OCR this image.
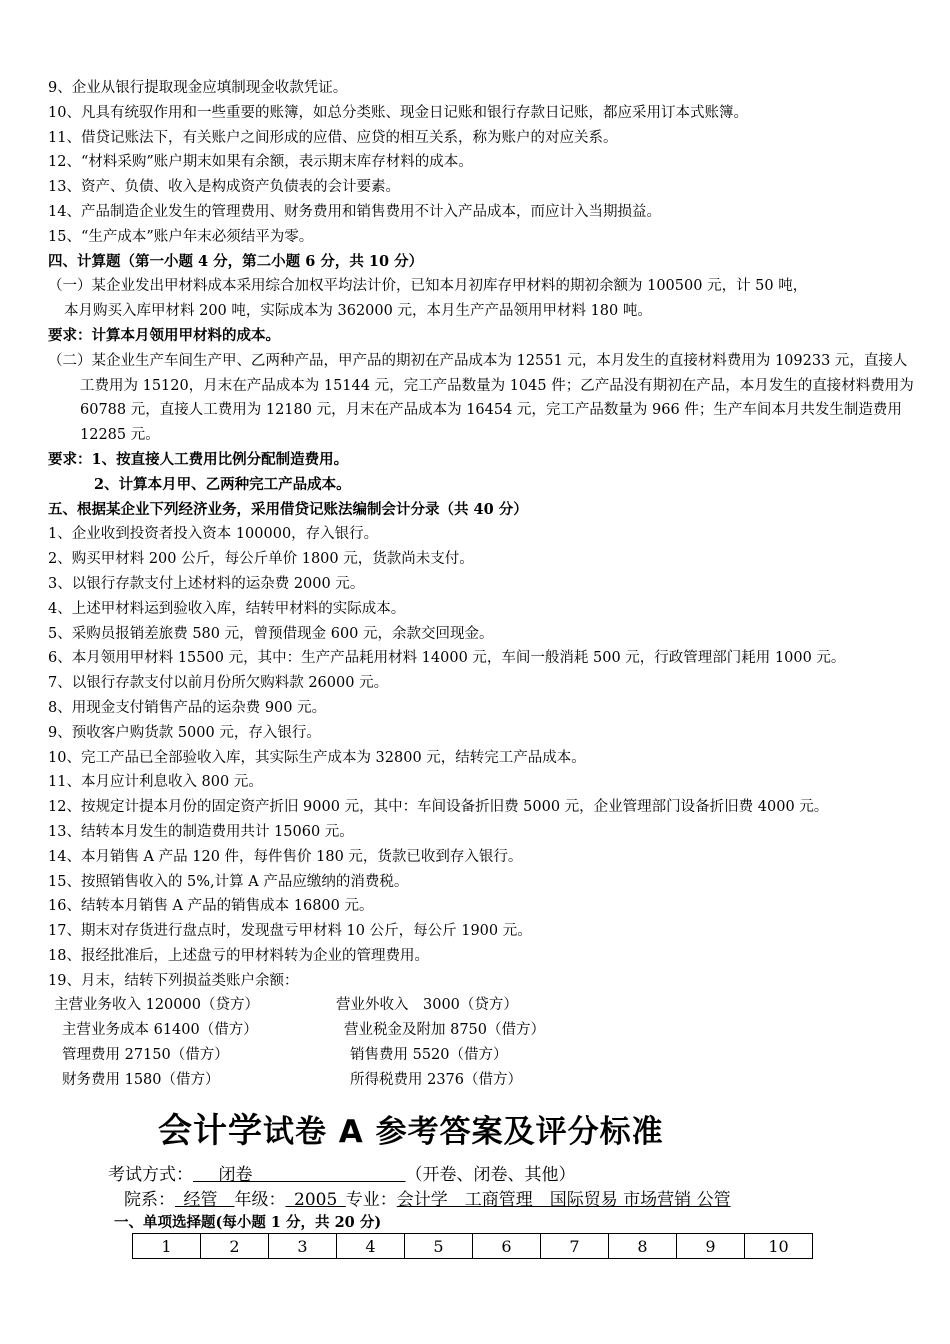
9、企业从银行提取现金应填制现金收款凭证。
10、凡具有统驭作用和一些重要的账簿，如总分类账、现金日记账和银行存款日记账，都应采用订本式账簿。
11、借贷记账法下，有关账户之间形成的应借、应贷的相互关系，称为账户的对应关系。
12、“材料采购”账户期末如果有余额，表示期末库存材料的成本。
13、资产、负债、收入是构成资产负债表的会计要素。
14、产品制造企业发生的管理费用、财务费用和销售费用不计入产品成本，而应计入当期损益。
15、“生产成本”账户年末必须结平为零。
四、计算题（第一小题 4 分，第二小题 6 分，共 10 分）
（一）某企业发出甲材料成本采用综合加权平均法计价，已知本月初库存甲材料的期初余额为 100500 元，计 50 吨，
本月购买入库甲材料 200 吨，实际成本为 362000 元，本月生产产品领用甲材料 180 吨。
要求：计算本月领用甲材料的成本。
（二）某企业生产车间生产甲、乙两种产品，甲产品的期初在产品成本为 12551 元，本月发生的直接材料费用为 109233 元，直接人工费用为 15120，月末在产品成本为 15144 元，完工产品数量为 1045 件；乙产品没有期初在产品，本月发生的直接材料费用为 60788 元，直接人工费用为 12180 元，月末在产品成本为 16454 元，完工产品数量为 966 件；生产车间本月共发生制造费用 12285 元。
要求：1、按直接人工费用比例分配制造费用。
2、计算本月甲、乙两种完工产品成本。
五、根据某企业下列经济业务，采用借贷记账法编制会计分录（共 40 分）
1、企业收到投资者投入资本 100000，存入银行。
2、购买甲材料 200 公斤，每公斤单价 1800 元，货款尚未支付。
3、以银行存款支付上述材料的运杂费 2000 元。
4、上述甲材料运到验收入库，结转甲材料的实际成本。
5、采购员报销差旅费 580 元，曾预借现金 600 元，余款交回现金。
6、本月领用甲材料 15500 元，其中：生产产品耗用材料 14000 元，车间一般消耗 500 元，行政管理部门耗用 1000 元。
7、以银行存款支付以前月份所欠购料款 26000 元。
8、用现金支付销售产品的运杂费 900 元。
9、预收客户购货款 5000 元，存入银行。
10、完工产品已全部验收入库，其实际生产成本为 32800 元，结转完工产品成本。
11、本月应计利息收入 800 元。
12、按规定计提本月份的固定资产折旧 9000 元，其中：车间设备折旧费 5000 元，企业管理部门设备折旧费 4000 元。
13、结转本月发生的制造费用共计 15060 元。
14、本月销售 A 产品 120 件，每件售价 180 元，货款已收到存入银行。
15、按照销售收入的 5%,计算 A 产品应缴纳的消费税。
16、结转本月销售 A 产品的销售成本 16800 元。
17、期末对存货进行盘点时，发现盘亏甲材料 10 公斤，每公斤 1900 元。
18、报经批准后，上述盘亏的甲材料转为企业的管理费用。
19、月末，结转下列损益类账户余额：
主营业务收入 120000（贷方）	营业外收入　3000（贷方）
主营业务成本 61400（借方）	营业税金及附加 8750（借方）
管理费用 27150（借方）	销售费用 5520（借方）
财务费用 1580（借方）	所得税费用 2376（借方）
会计学试卷 A 参考答案及评分标准
考试方式：   闭卷         	（开卷、闭卷、其他）
院系：  经管   年级：  2005  专业：会计学　工商管理　国际贸易 市场营销 公管
一、单项选择题(每小题 1 分，共 20 分)
1	2	3	4	5	6	7	8	9	10
